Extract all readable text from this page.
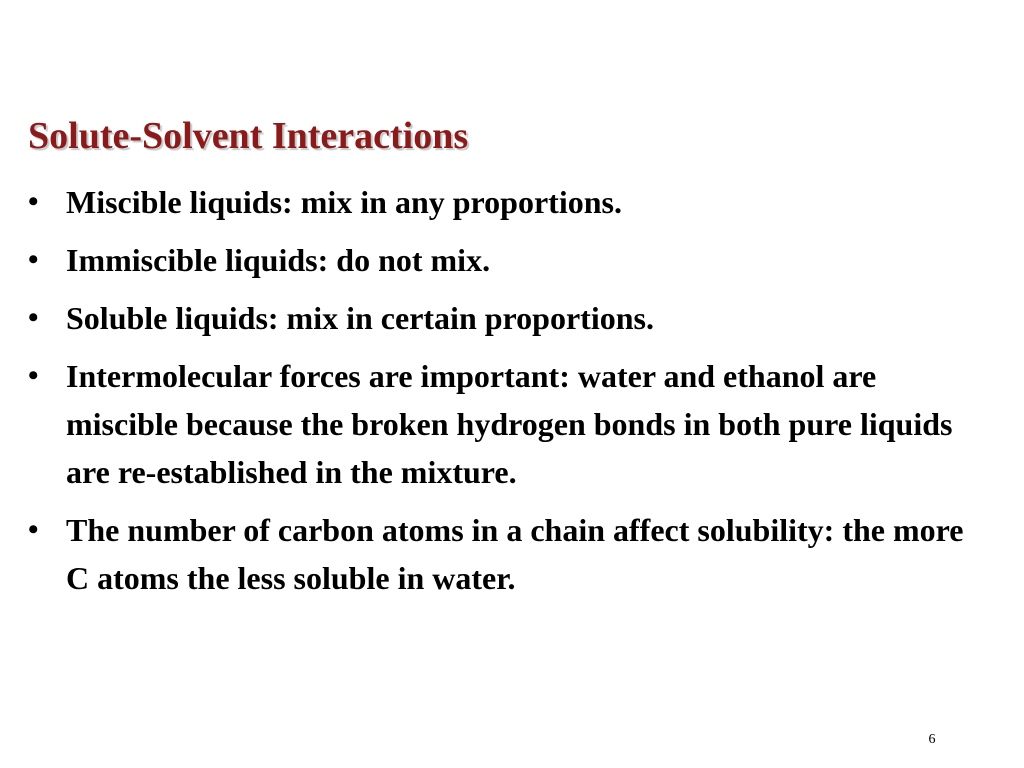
Solute-Solvent Interactions
• Miscible liquids: mix in any proportions.
• Immiscible liquids: do not mix.
• Soluble liquids: mix in certain proportions.
• Intermolecular forces are important: water and ethanol are miscible because the broken hydrogen bonds in both pure liquids are re-established in the mixture.
• The number of carbon atoms in a chain affect solubility: the more C atoms the less soluble in water.
6
